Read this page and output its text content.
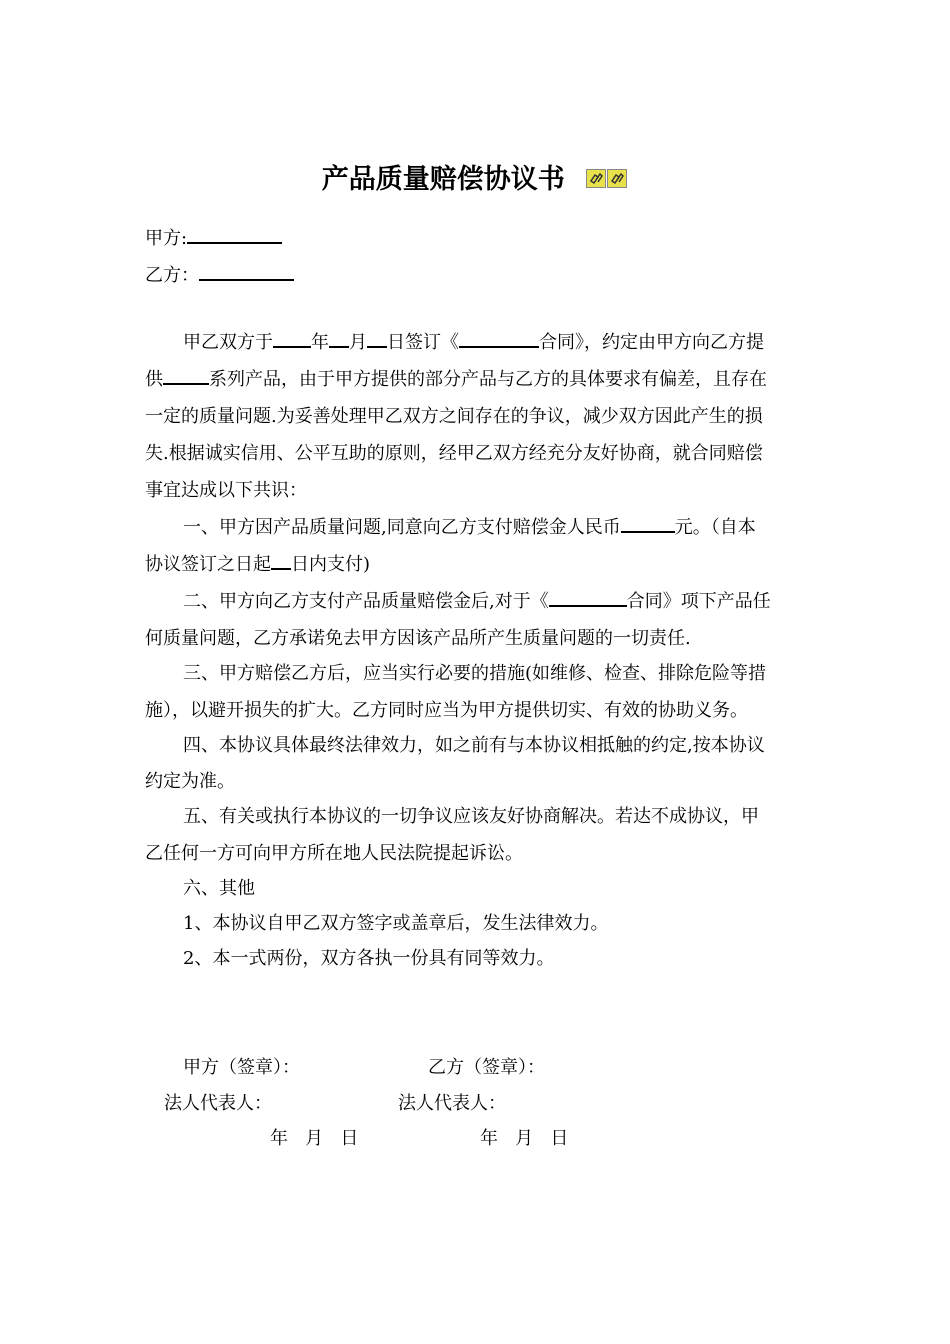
产品质量赔偿协议书
甲方:
乙方：
甲乙双方于 年 月 日签订《	合同》，约定由甲方向乙方提
供	系列产品，由于甲方提供的部分产品与乙方的具体要求有偏差，且存在
一定的质量问题.为妥善处理甲乙双方之间存在的争议，减少双方因此产生的损
失.根据诚实信用、公平互助的原则，经甲乙双方经充分友好协商，就合同赔偿
事宜达成以下共识：
一、甲方因产品质量问题,同意向乙方支付赔偿金人民币	元。（自本
协议签订之日起 日内支付)
二、甲方向乙方支付产品质量赔偿金后,对于《	合同》项下产品任
何质量问题，乙方承诺免去甲方因该产品所产生质量问题的一切责任.
三、甲方赔偿乙方后，应当实行必要的措施(如维修、检查、排除危险等措
施），以避开损失的扩大。乙方同时应当为甲方提供切实、有效的协助义务。
四、本协议具体最终法律效力，如之前有与本协议相抵触的约定,按本协议
约定为准。
五、有关或执行本协议的一切争议应该友好协商解决。若达不成协议，甲
乙任何一方可向甲方所在地人民法院提起诉讼。
六、其他
1、本协议自甲乙双方签字或盖章后，发生法律效力。
2、本一式两份，双方各执一份具有同等效力。
甲方（签章）：	乙方（签章）：
法人代表人：	法人代表人：
年   月   日	年   月   日
